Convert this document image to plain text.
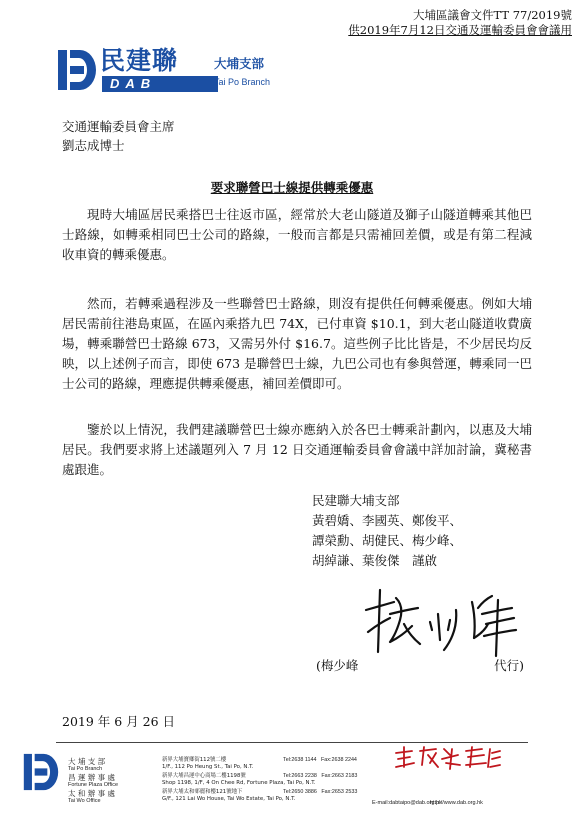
大埔區議會文件TT 77/2019號
供2019年7月12日交通及運輸委員會會議用
民建聯
DAB
大埔支部
Tai Po Branch
交通運輸委員會主席
劉志成博士
要求聯營巴士線提供轉乘優惠
現時大埔區居民乘搭巴士往返市區，經常於大老山隧道及獅子山隧道轉乘其他巴士路線，如轉乘相同巴士公司的路線，一般而言都是只需補回差價，或是有第二程減收車資的轉乘優惠。
然而，若轉乘過程涉及一些聯營巴士路線，則沒有提供任何轉乘優惠。例如大埔居民需前往港島東區，在區內乘搭九巴 74X，已付車資 $10.1，到大老山隧道收費廣場，轉乘聯營巴士路線 673，又需另外付 $16.7。這些例子比比皆是，不少居民均反映，以上述例子而言，即使 673 是聯營巴士線，九巴公司也有參與營運，轉乘同一巴士公司的路線，理應提供轉乘優惠，補回差價即可。
鑒於以上情況，我們建議聯營巴士線亦應納入於各巴士轉乘計劃內，以惠及大埔居民。我們要求將上述議題列入 7 月 12 日交通運輸委員會會議中詳加討論，冀秘書處跟進。
民建聯大埔支部
黃碧嬌、李國英、鄭俊平、
譚榮勳、胡健民、梅少峰、
胡綽謙、葉俊傑　謹啟
(梅少峰	代行)
2019 年 6 月 26 日
大 埔 支 部
Tai Po Branch
昌 運 辦 事 處
Fortune Plaza Office
太 和 辦 事 處
Tai Wo Office
新界大埔寶鄉街112號二樓
1/F., 112 Po Heung St., Tai Po, N.T.
新界大埔昌運中心商場二樓1198號
Shop 1198, 1/F, 4 On Chee Rd, Fortune Plaza, Tai Po, N.T.
新界大埔太和邨麗和樓121號地下
G/F., 121 Lai Wo House, Tai Wo Estate, Tai Po, N.T.
Tel:2638 1144 Fax:2638 2244
Tel:2663 2238 Fax:2663 2183
Tel:2650 3886 Fax:2653 2533
E-mail:dabtaipo@dab.org.hk
http://www.dab.org.hk
